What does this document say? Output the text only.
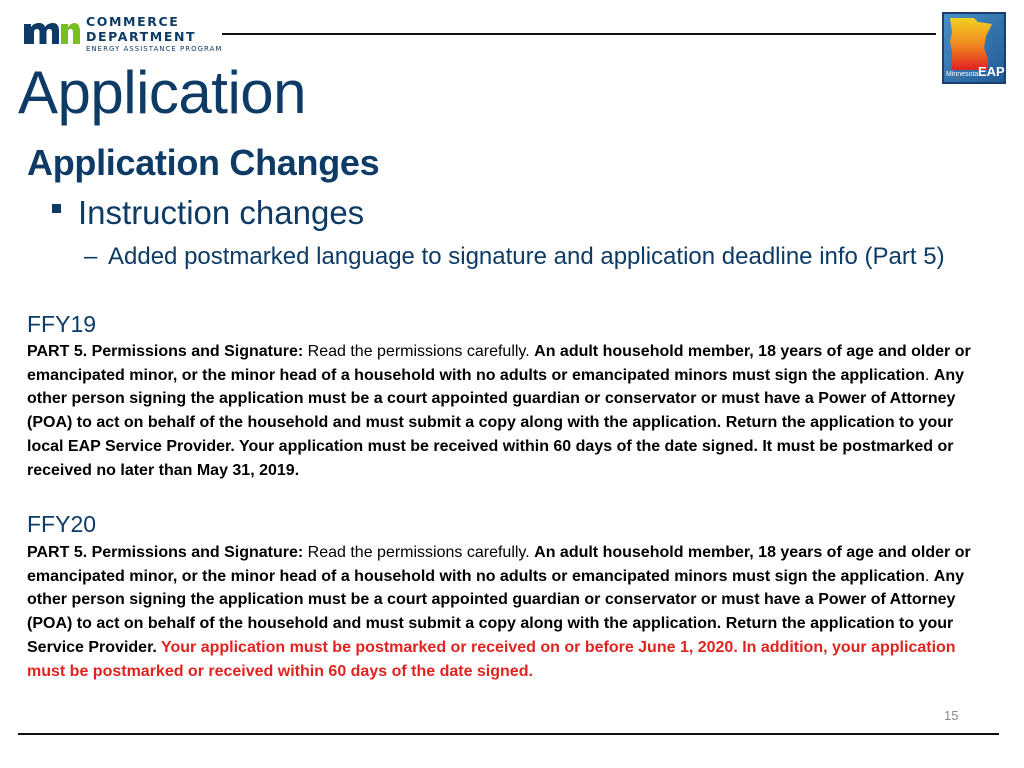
COMMERCE
DEPARTMENT
ENERGY ASSISTANCE PROGRAM
Minnesota EAP
Application
Application Changes
Instruction changes
– Added postmarked language to signature and application deadline info (Part 5)
FFY19
PART 5. Permissions and Signature: Read the permissions carefully. An adult household member, 18 years of age and older or emancipated minor, or the minor head of a household with no adults or emancipated minors must sign the application. Any other person signing the application must be a court appointed guardian or conservator or must have a Power of Attorney (POA) to act on behalf of the household and must submit a copy along with the application. Return the application to your local EAP Service Provider. Your application must be received within 60 days of the date signed. It must be postmarked or received no later than May 31, 2019.
FFY20
PART 5. Permissions and Signature: Read the permissions carefully. An adult household member, 18 years of age and older or emancipated minor, or the minor head of a household with no adults or emancipated minors must sign the application. Any other person signing the application must be a court appointed guardian or conservator or must have a Power of Attorney (POA) to act on behalf of the household and must submit a copy along with the application. Return the application to your Service Provider. Your application must be postmarked or received on or before June 1, 2020. In addition, your application must be postmarked or received within 60 days of the date signed.
15
